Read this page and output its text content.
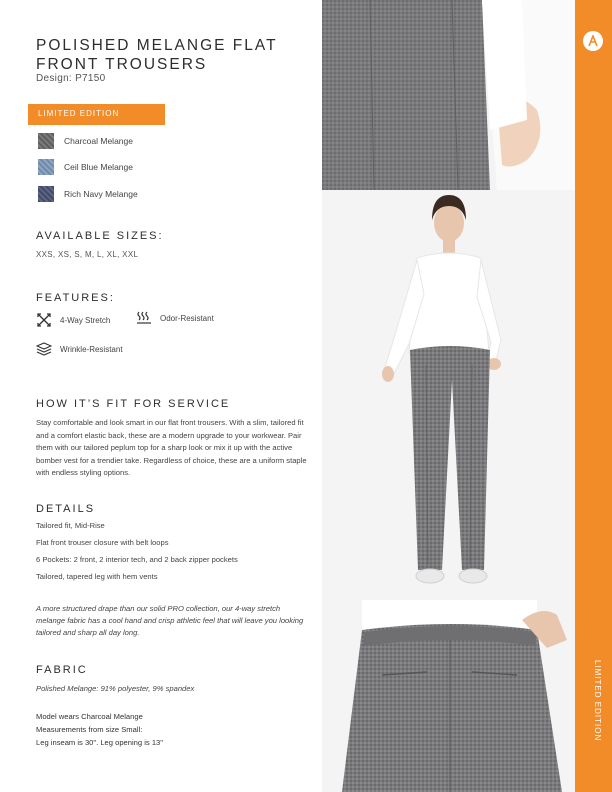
POLISHED MELANGE FLAT
FRONT TROUSERS
Design: P7150
LIMITED EDITION
Charcoal Melange
Ceil Blue Melange
Rich Navy Melange
AVAILABLE SIZES:
XXS, XS, S, M, L, XL, XXL
FEATURES:
4-Way Stretch	Odor-Resistant
Wrinkle-Resistant
HOW IT’S FIT FOR SERVICE
Stay comfortable and look smart in our flat front trousers. With a slim, tailored fit and a comfort elastic back, these are a modern upgrade to your workwear. Pair them with our tailored peplum top for a sharp look or mix it up with the active bomber vest for a trendier take. Regardless of choice, these are a uniform staple with endless styling options.
DETAILS
Tailored fit, Mid-Rise
Flat front trouser closure with belt loops
6 Pockets: 2 front, 2 interior tech, and 2 back zipper pockets
Tailored, tapered leg with hem vents
A more structured drape than our solid PRO collection, our 4-way stretch melange fabric has a cool hand and crisp athletic feel that will leave you looking tailored and sharp all day long.
FABRIC
Polished Melange: 91% polyester, 9% spandex
Model wears Charcoal Melange
Measurements from size Small:
Leg inseam is 30". Leg opening is 13"
LIMITED EDITION
